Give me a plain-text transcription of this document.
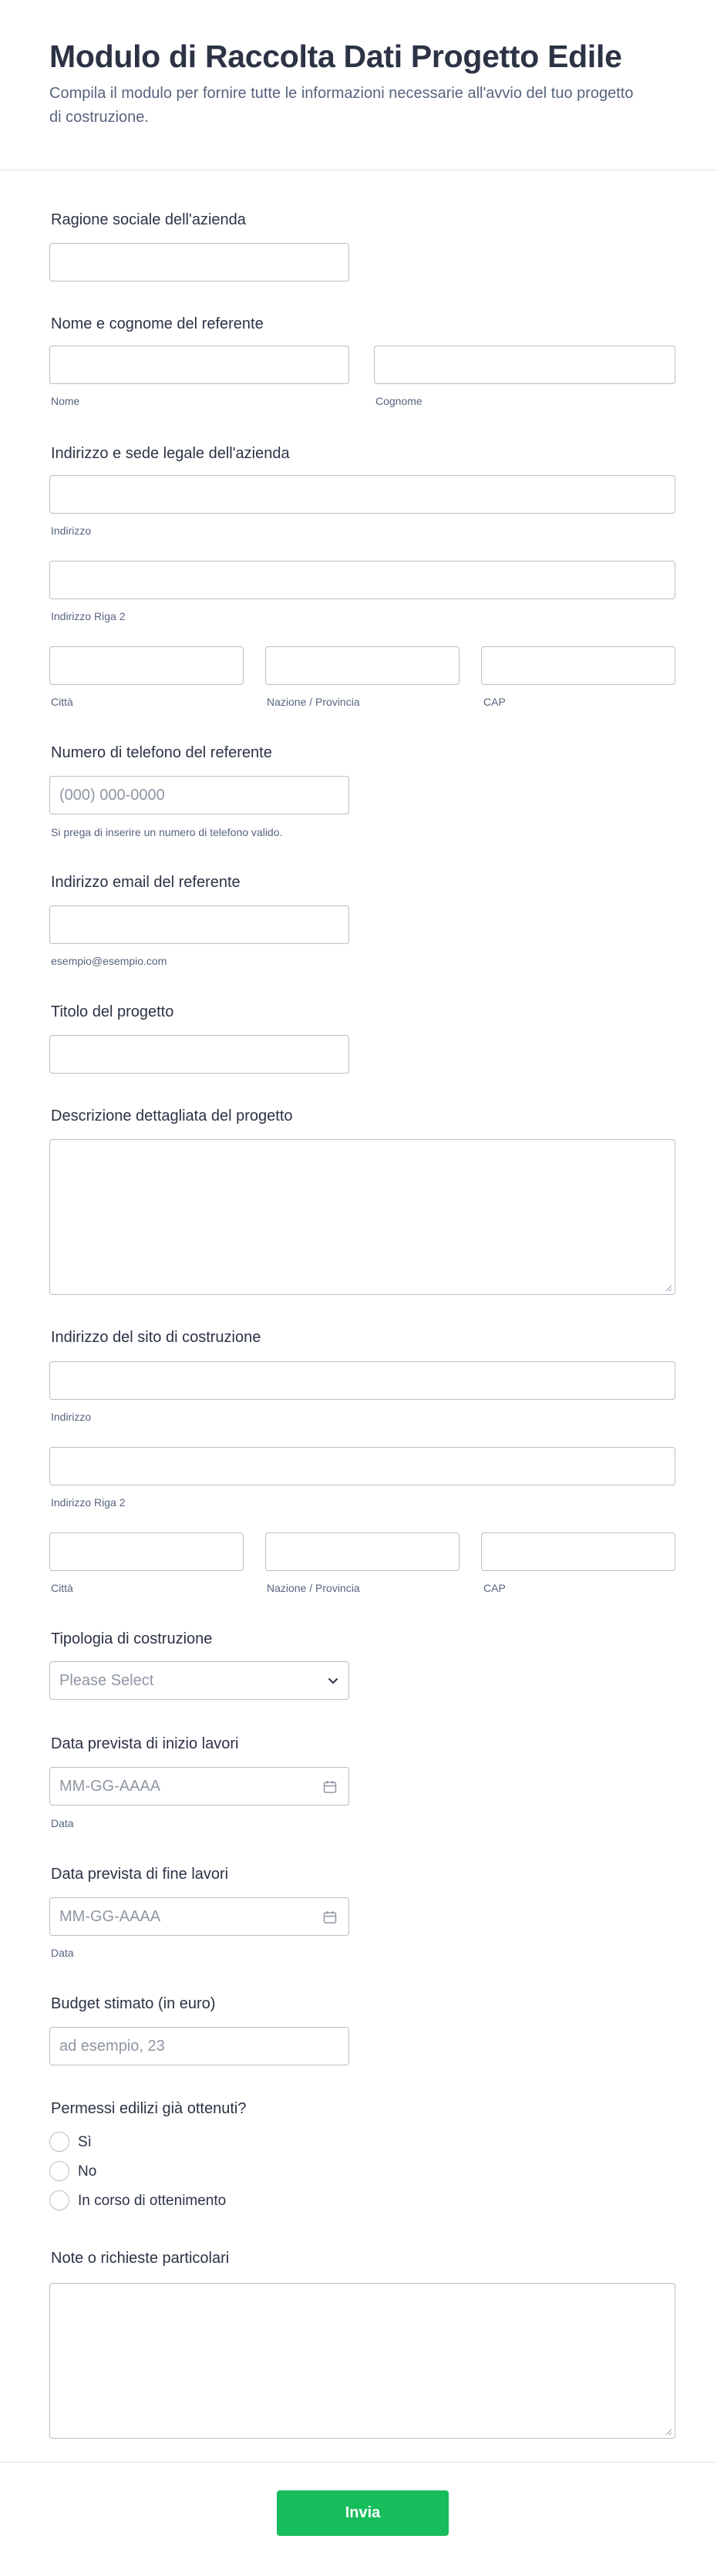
Modulo di Raccolta Dati Progetto Edile

Compila il modulo per fornire tutte le informazioni necessarie all'avvio del tuo progetto di costruzione.

Ragione sociale dell'azienda
Nome e cognome del referente
Nome	Cognome
Indirizzo e sede legale dell'azienda
Indirizzo
Indirizzo Riga 2
Città	Nazione / Provincia	CAP
Numero di telefono del referente
(000) 000-0000
Si prega di inserire un numero di telefono valido.
Indirizzo email del referente
esempio@esempio.com
Titolo del progetto
Descrizione dettagliata del progetto
Indirizzo del sito di costruzione
Indirizzo
Indirizzo Riga 2
Città	Nazione / Provincia	CAP
Tipologia di costruzione
Please Select
Data prevista di inizio lavori
MM-GG-AAAA
Data
Data prevista di fine lavori
MM-GG-AAAA
Data
Budget stimato (in euro)
ad esempio, 23
Permessi edilizi già ottenuti?
Sì
No
In corso di ottenimento
Note o richieste particolari
Invia
